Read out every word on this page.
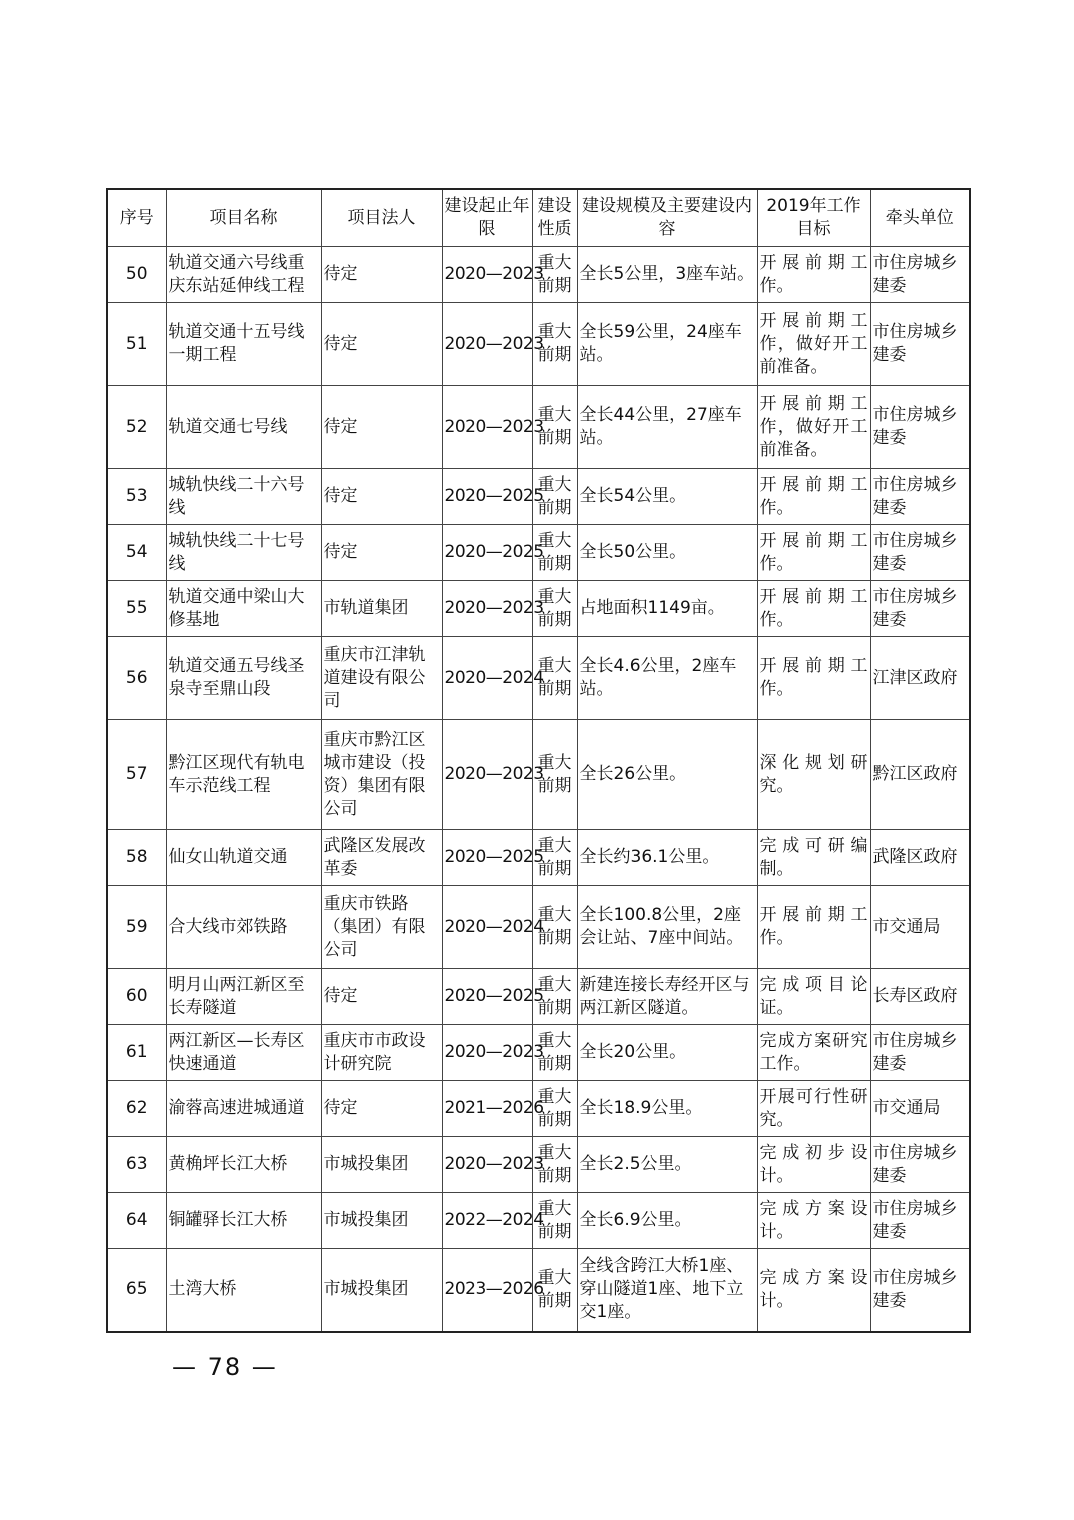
序号	项目名称	项目法人	建设起止年限	建设性质	建设规模及主要建设内容	2019年工作目标	牵头单位
50	轨道交通六号线重庆东站延伸线工程	待定	2020—2023	重大前期	全长5公里，3座车站。	开展前期工作。	市住房城乡建委
51	轨道交通十五号线一期工程	待定	2020—2023	重大前期	全长59公里，24座车站。	开展前期工作，做好开工前准备。	市住房城乡建委
52	轨道交通七号线	待定	2020—2023	重大前期	全长44公里，27座车站。	开展前期工作，做好开工前准备。	市住房城乡建委
53	城轨快线二十六号线	待定	2020—2025	重大前期	全长54公里。	开展前期工作。	市住房城乡建委
54	城轨快线二十七号线	待定	2020—2025	重大前期	全长50公里。	开展前期工作。	市住房城乡建委
55	轨道交通中梁山大修基地	市轨道集团	2020—2023	重大前期	占地面积1149亩。	开展前期工作。	市住房城乡建委
56	轨道交通五号线圣泉寺至鼎山段	重庆市江津轨道建设有限公司	2020—2024	重大前期	全长4.6公里，2座车站。	开展前期工作。	江津区政府
57	黔江区现代有轨电车示范线工程	重庆市黔江区城市建设（投资）集团有限公司	2020—2023	重大前期	全长26公里。	深化规划研究。	黔江区政府
58	仙女山轨道交通	武隆区发展改革委	2020—2025	重大前期	全长约36.1公里。	完成可研编制。	武隆区政府
59	合大线市郊铁路	重庆市铁路（集团）有限公司	2020—2024	重大前期	全长100.8公里，2座会让站、7座中间站。	开展前期工作。	市交通局
60	明月山两江新区至长寿隧道	待定	2020—2025	重大前期	新建连接长寿经开区与两江新区隧道。	完成项目论证。	长寿区政府
61	两江新区—长寿区快速通道	重庆市市政设计研究院	2020—2023	重大前期	全长20公里。	完成方案研究工作。	市住房城乡建委
62	渝蓉高速进城通道	待定	2021—2026	重大前期	全长18.9公里。	开展可行性研究。	市交通局
63	黄桷坪长江大桥	市城投集团	2020—2023	重大前期	全长2.5公里。	完成初步设计。	市住房城乡建委
64	铜罐驿长江大桥	市城投集团	2022—2024	重大前期	全长6.9公里。	完成方案设计。	市住房城乡建委
65	土湾大桥	市城投集团	2023—2026	重大前期	全线含跨江大桥1座、穿山隧道1座、地下立交1座。	完成方案设计。	市住房城乡建委
— 78 —
